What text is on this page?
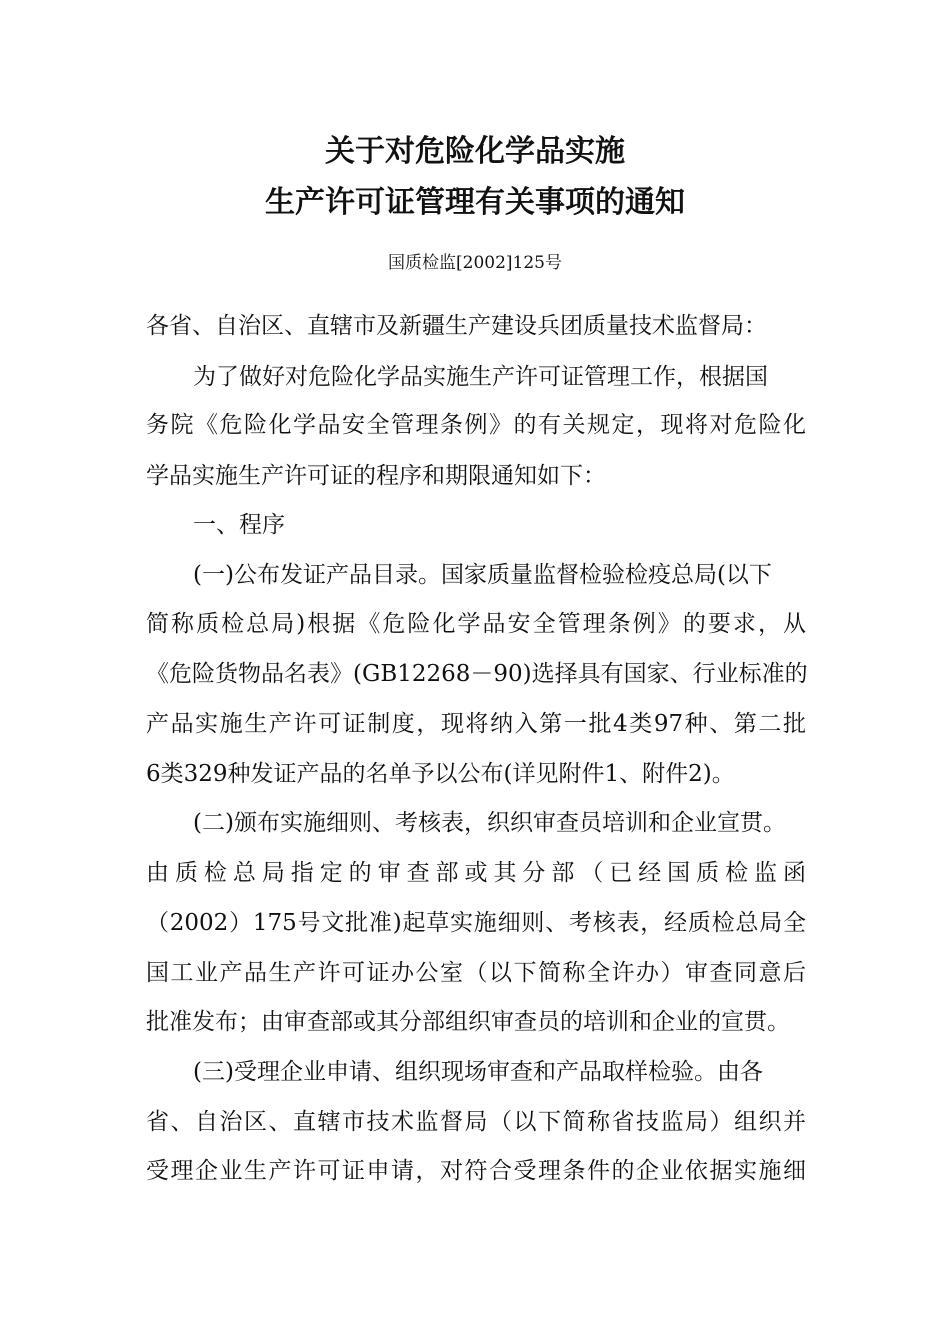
关于对危险化学品实施
生产许可证管理有关事项的通知
国质检监[2002]125号
各省、自治区、直辖市及新疆生产建设兵团质量技术监督局：
为了做好对危险化学品实施生产许可证管理工作，根据国
务院《危险化学品安全管理条例》的有关规定，现将对危险化
学品实施生产许可证的程序和期限通知如下：
一、程序
(一)公布发证产品目录。国家质量监督检验检疫总局(以下
简称质检总局)根据《危险化学品安全管理条例》的要求，从
《危险货物品名表》(GB12268－90)选择具有国家、行业标准的
产品实施生产许可证制度，现将纳入第一批4类97种、第二批
6类329种发证产品的名单予以公布(详见附件1、附件2)。
(二)颁布实施细则、考核表，织织审查员培训和企业宣贯。
由质检总局指定的审查部或其分部（已经国质检监函
（2002）175号文批准)起草实施细则、考核表，经质检总局全
国工业产品生产许可证办公室（以下简称全许办）审查同意后
批准发布；由审查部或其分部组织审查员的培训和企业的宣贯。
(三)受理企业申请、组织现场审查和产品取样检验。由各
省、自治区、直辖市技术监督局（以下简称省技监局）组织并
受理企业生产许可证申请，对符合受理条件的企业依据实施细
